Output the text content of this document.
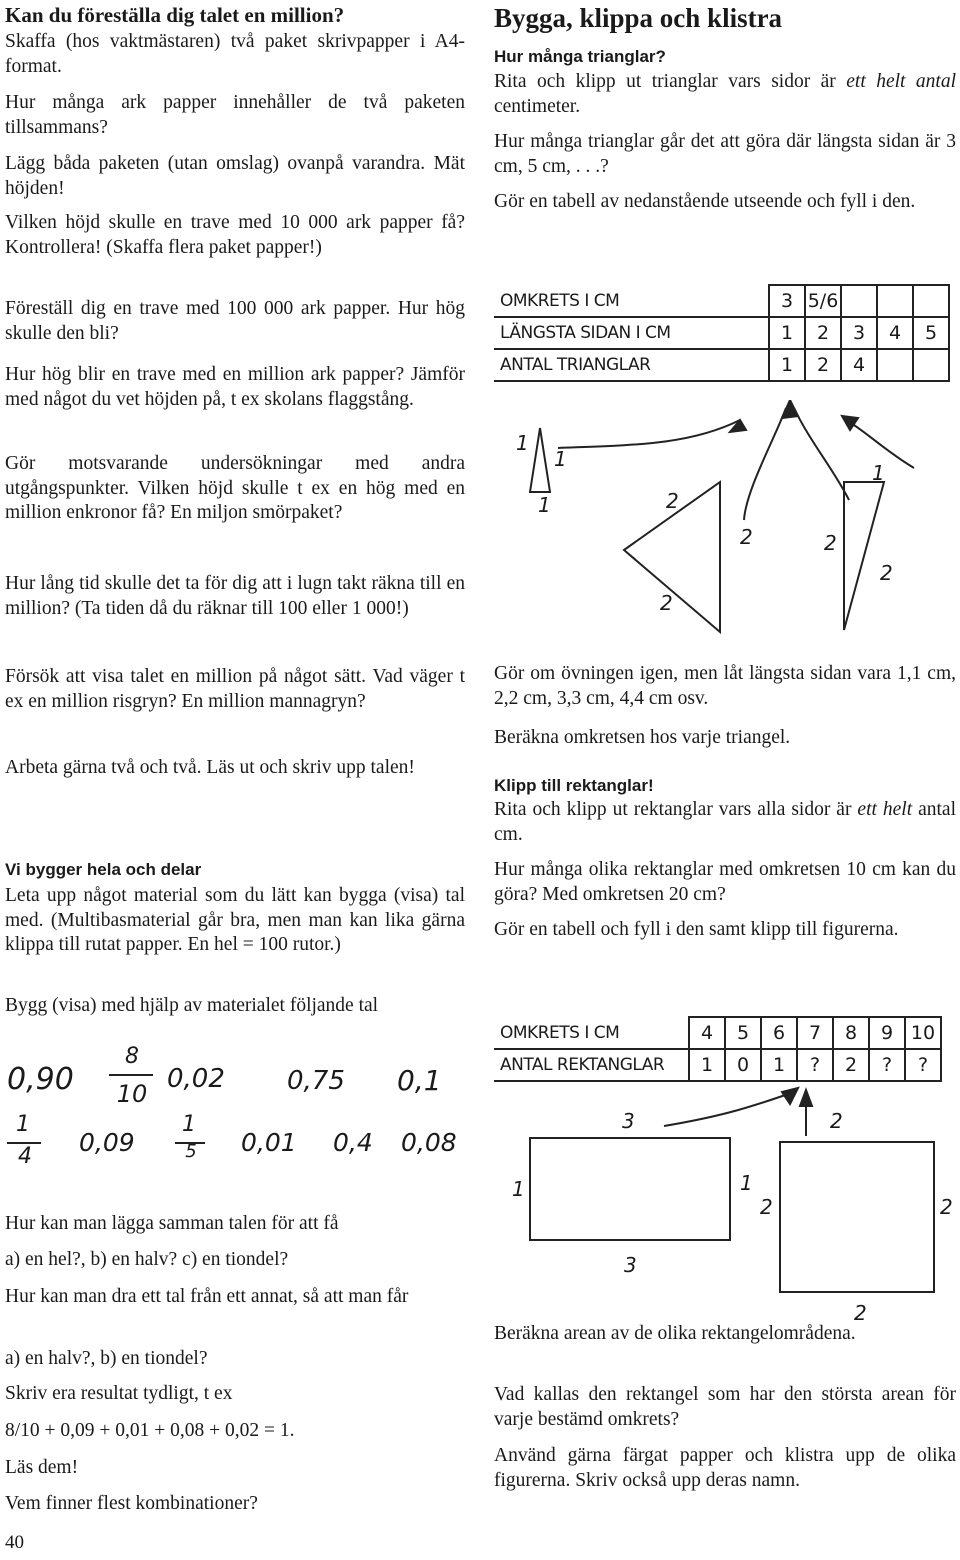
Kan du föreställa dig talet en million?
Skaffa (hos vaktmästaren) två paket skrivpapper i A4-format.
Hur många ark papper innehåller de två paketen tillsammans?
Lägg båda paketen (utan omslag) ovanpå varandra. Mät höjden!
Vilken höjd skulle en trave med 10 000 ark papper få? Kontrollera! (Skaffa flera paket papper!)
Föreställ dig en trave med 100 000 ark papper. Hur hög skulle den bli?
Hur hög blir en trave med en million ark papper? Jämför med något du vet höjden på, t ex skolans flaggstång.
Gör motsvarande undersökningar med andra utgångspunkter. Vilken höjd skulle t ex en hög med en million enkronor få? En miljon smörpaket?
Hur lång tid skulle det ta för dig att i lugn takt räkna till en million? (Ta tiden då du räknar till 100 eller 1 000!)
Försök att visa talet en million på något sätt. Vad väger t ex en million risgryn? En million mannagryn?
Arbeta gärna två och två. Läs ut och skriv upp talen!
Vi bygger hela och delar
Leta upp något material som du lätt kan bygga (visa) tal med. (Multibasmaterial går bra, men man kan lika gärna klippa till rutat papper. En hel = 100 rutor.)
Bygg (visa) med hjälp av materialet följande tal
0,90
8
10 0,02 0,75 0,1
1
4 0,09
1
5	0,01 0,4 0,08
Hur kan man lägga samman talen för att få
a) en hel?, b) en halv? c) en tiondel?
Hur kan man dra ett tal från ett annat, så att man får
a) en halv?, b) en tiondel?
Skriv era resultat tydligt, t ex
8/10 + 0,09 + 0,01 + 0,08 + 0,02 = 1.
Läs dem!
Vem finner flest kombinationer?
40
Bygga, klippa och klistra
Hur många trianglar?
Rita och klipp ut trianglar vars sidor är ett helt antal centimeter.
Hur många trianglar går det att göra där längsta sidan är 3 cm, 5 cm, . . .?
Gör en tabell av nedanstående utseende och fyll i den.
OMKRETS I CM	3	5/6			
LÄNGSTA SIDAN I CM	1	2	3	4	5
ANTAL TRIANGLAR	1	2	4		
1
1
1	2
2
2
1
2
2
Gör om övningen igen, men låt längsta sidan vara 1,1 cm, 2,2 cm, 3,3 cm, 4,4 cm osv.
Beräkna omkretsen hos varje triangel.
Klipp till rektanglar!
Rita och klipp ut rektanglar vars alla sidor är ett helt antal cm.
Hur många olika rektanglar med omkretsen 10 cm kan du göra? Med omkretsen 20 cm?
Gör en tabell och fyll i den samt klipp till figurerna.
OMKRETS I CM	4	5	6	7	8	9	10
ANTAL REKTANGLAR	1	0	1	?	2	?	?
3
1	1
3
2
2	2
2
Beräkna arean av de olika rektangelområdena.
Vad kallas den rektangel som har den största arean för varje bestämd omkrets?
Använd gärna färgat papper och klistra upp de olika figurerna. Skriv också upp deras namn.
